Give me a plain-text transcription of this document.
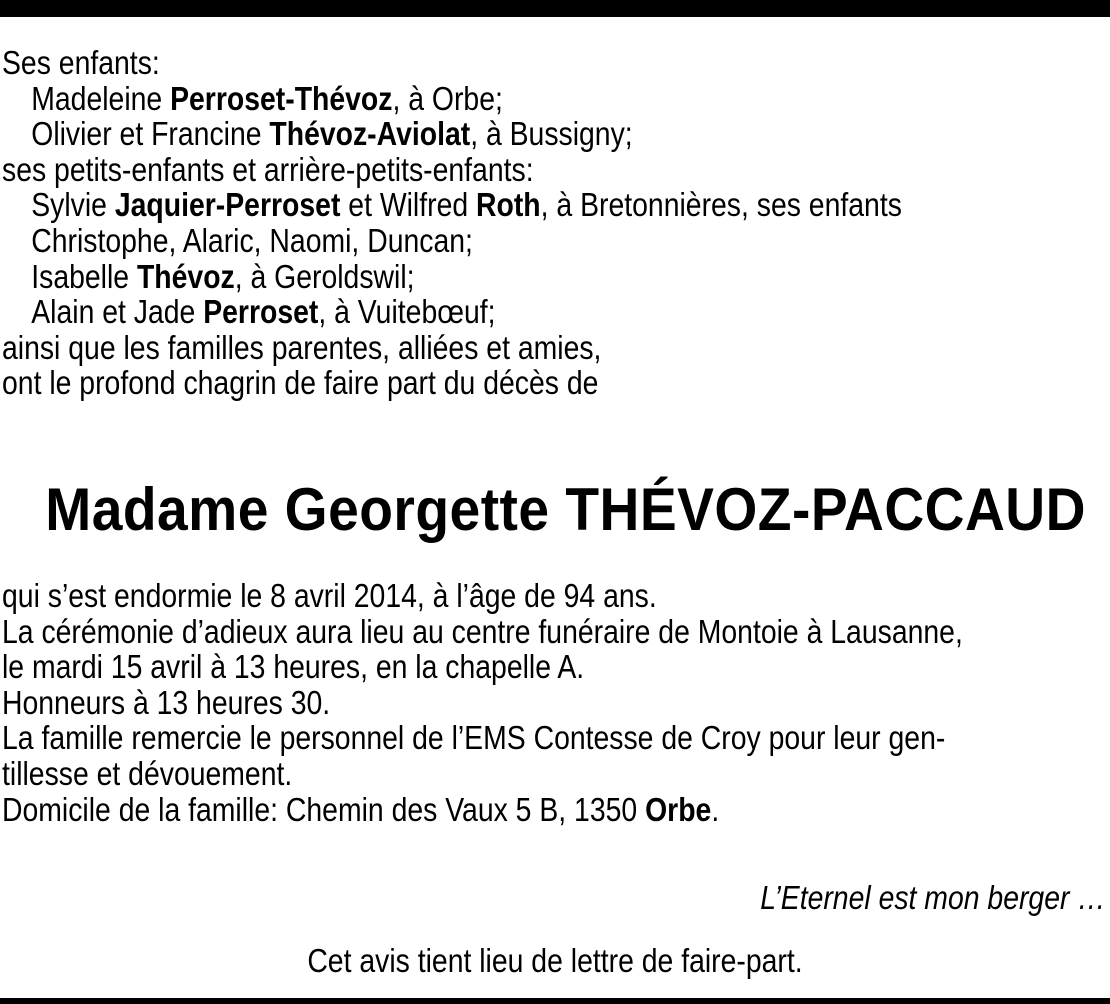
Ses enfants:
Madeleine Perroset-Thévoz, à Orbe;
Olivier et Francine Thévoz-Aviolat, à Bussigny;
ses petits-enfants et arrière-petits-enfants:
Sylvie Jaquier-Perroset et Wilfred Roth, à Bretonnières, ses enfants
Christophe, Alaric, Naomi, Duncan;
Isabelle Thévoz, à Geroldswil;
Alain et Jade Perroset, à Vuitebœuf;
ainsi que les familles parentes, alliées et amies,
ont le profond chagrin de faire part du décès de
Madame Georgette THÉVOZ-PACCAUD
qui s’est endormie le 8 avril 2014, à l’âge de 94 ans.
La cérémonie d’adieux aura lieu au centre funéraire de Montoie à Lausanne,
le mardi 15 avril à 13 heures, en la chapelle A.
Honneurs à 13 heures 30.
La famille remercie le personnel de l’EMS Contesse de Croy pour leur gen-
tillesse et dévouement.
Domicile de la famille: Chemin des Vaux 5 B, 1350 Orbe.
L’Eternel est mon berger …
Cet avis tient lieu de lettre de faire-part.
